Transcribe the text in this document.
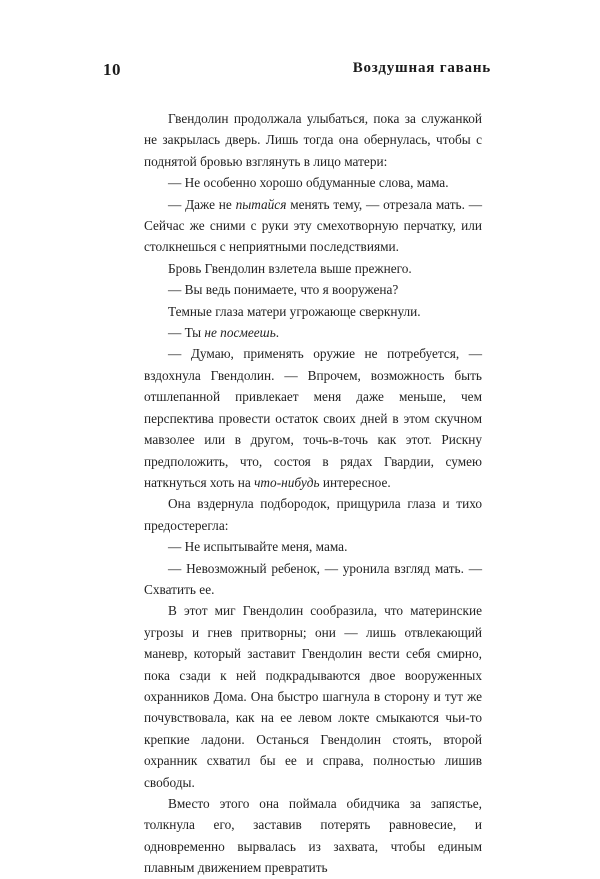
10	Воздушная гавань

Гвендолин продолжала улыбаться, пока за служанкой не закрылась дверь. Лишь тогда она обернулась, чтобы с поднятой бровью взглянуть в лицо матери:

— Не особенно хорошо обдуманные слова, мама.

— Даже не пытайся менять тему, — отрезала мать. — Сейчас же сними с руки эту смехотворную перчатку, или столкнешься с неприятными последствиями.

Бровь Гвендолин взлетела выше прежнего.

— Вы ведь понимаете, что я вооружена?

Темные глаза матери угрожающе сверкнули.

— Ты не посмеешь.

— Думаю, применять оружие не потребуется, — вздохнула Гвендолин. — Впрочем, возможность быть отшлепанной привлекает меня даже меньше, чем перспектива провести остаток своих дней в этом скучном мавзолее или в другом, точь-в-точь как этот. Рискну предположить, что, состоя в рядах Гвардии, сумею наткнуться хоть на что-нибудь интересное.

Она вздернула подбородок, прищурила глаза и тихо предостерегла:

— Не испытывайте меня, мама.

— Невозможный ребенок, — уронила взгляд мать. — Схватить ее.

В этот миг Гвендолин сообразила, что материнские угрозы и гнев притворны; они — лишь отвлекающий маневр, который заставит Гвендолин вести себя смирно, пока сзади к ней подкрадываются двое вооруженных охранников Дома. Она быстро шагнула в сторону и тут же почувствовала, как на ее левом локте смыкаются чьи-то крепкие ладони. Останься Гвендолин стоять, второй охранник схватил бы ее и справа, полностью лишив свободы.

Вместо этого она поймала обидчика за запястье, толкнула его, заставив потерять равновесие, и одновременно вырвалась из захвата, чтобы единым плавным движением превратить
